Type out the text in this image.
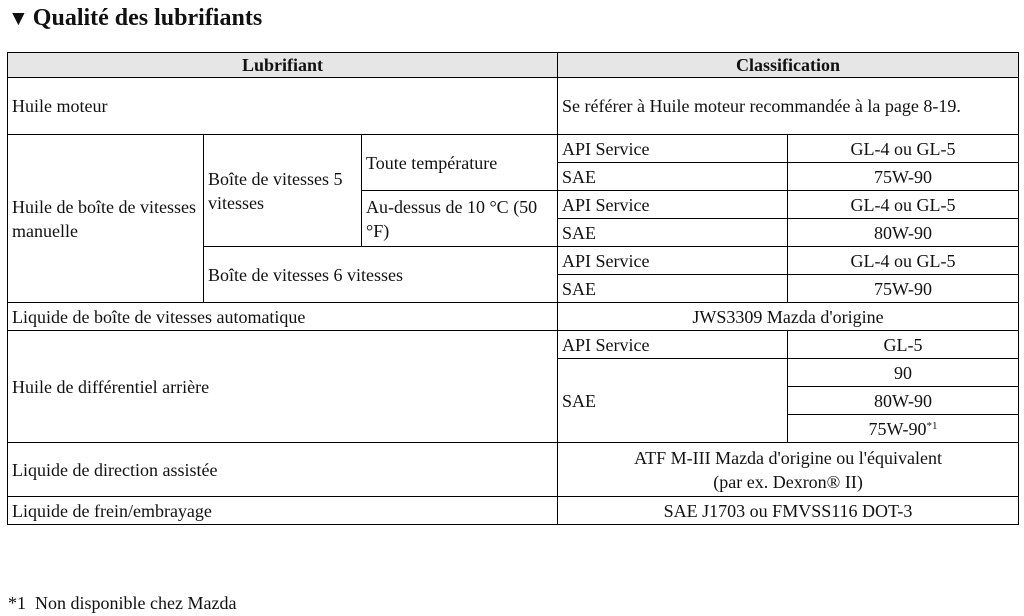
▼ Qualité des lubrifiants
Lubrifiant			Classification	
Huile moteur			Se référer à Huile moteur recommandée à la page 8-19.	
Huile de boîte de vitesses manuelle	Boîte de vitesses 5 vitesses	Toute température	API Service	GL-4 ou GL-5
			SAE	75W-90
		Au-dessus de 10 °C (50 °F)	API Service	GL-4 ou GL-5
			SAE	80W-90
	Boîte de vitesses 6 vitesses		API Service	GL-4 ou GL-5
			SAE	75W-90
Liquide de boîte de vitesses automatique			JWS3309 Mazda d'origine	
Huile de différentiel arrière			API Service	GL-5
			SAE	90
				80W-90
				75W-90$^{*1}$
Liquide de direction assistée			ATF M-III Mazda d'origine ou l'équivalent
(par ex. Dexron® II)	

Liquide de frein/embrayage			SAE J1703 ou FMVSS116 DOT-3	
*1 Non disponible chez Mazda
